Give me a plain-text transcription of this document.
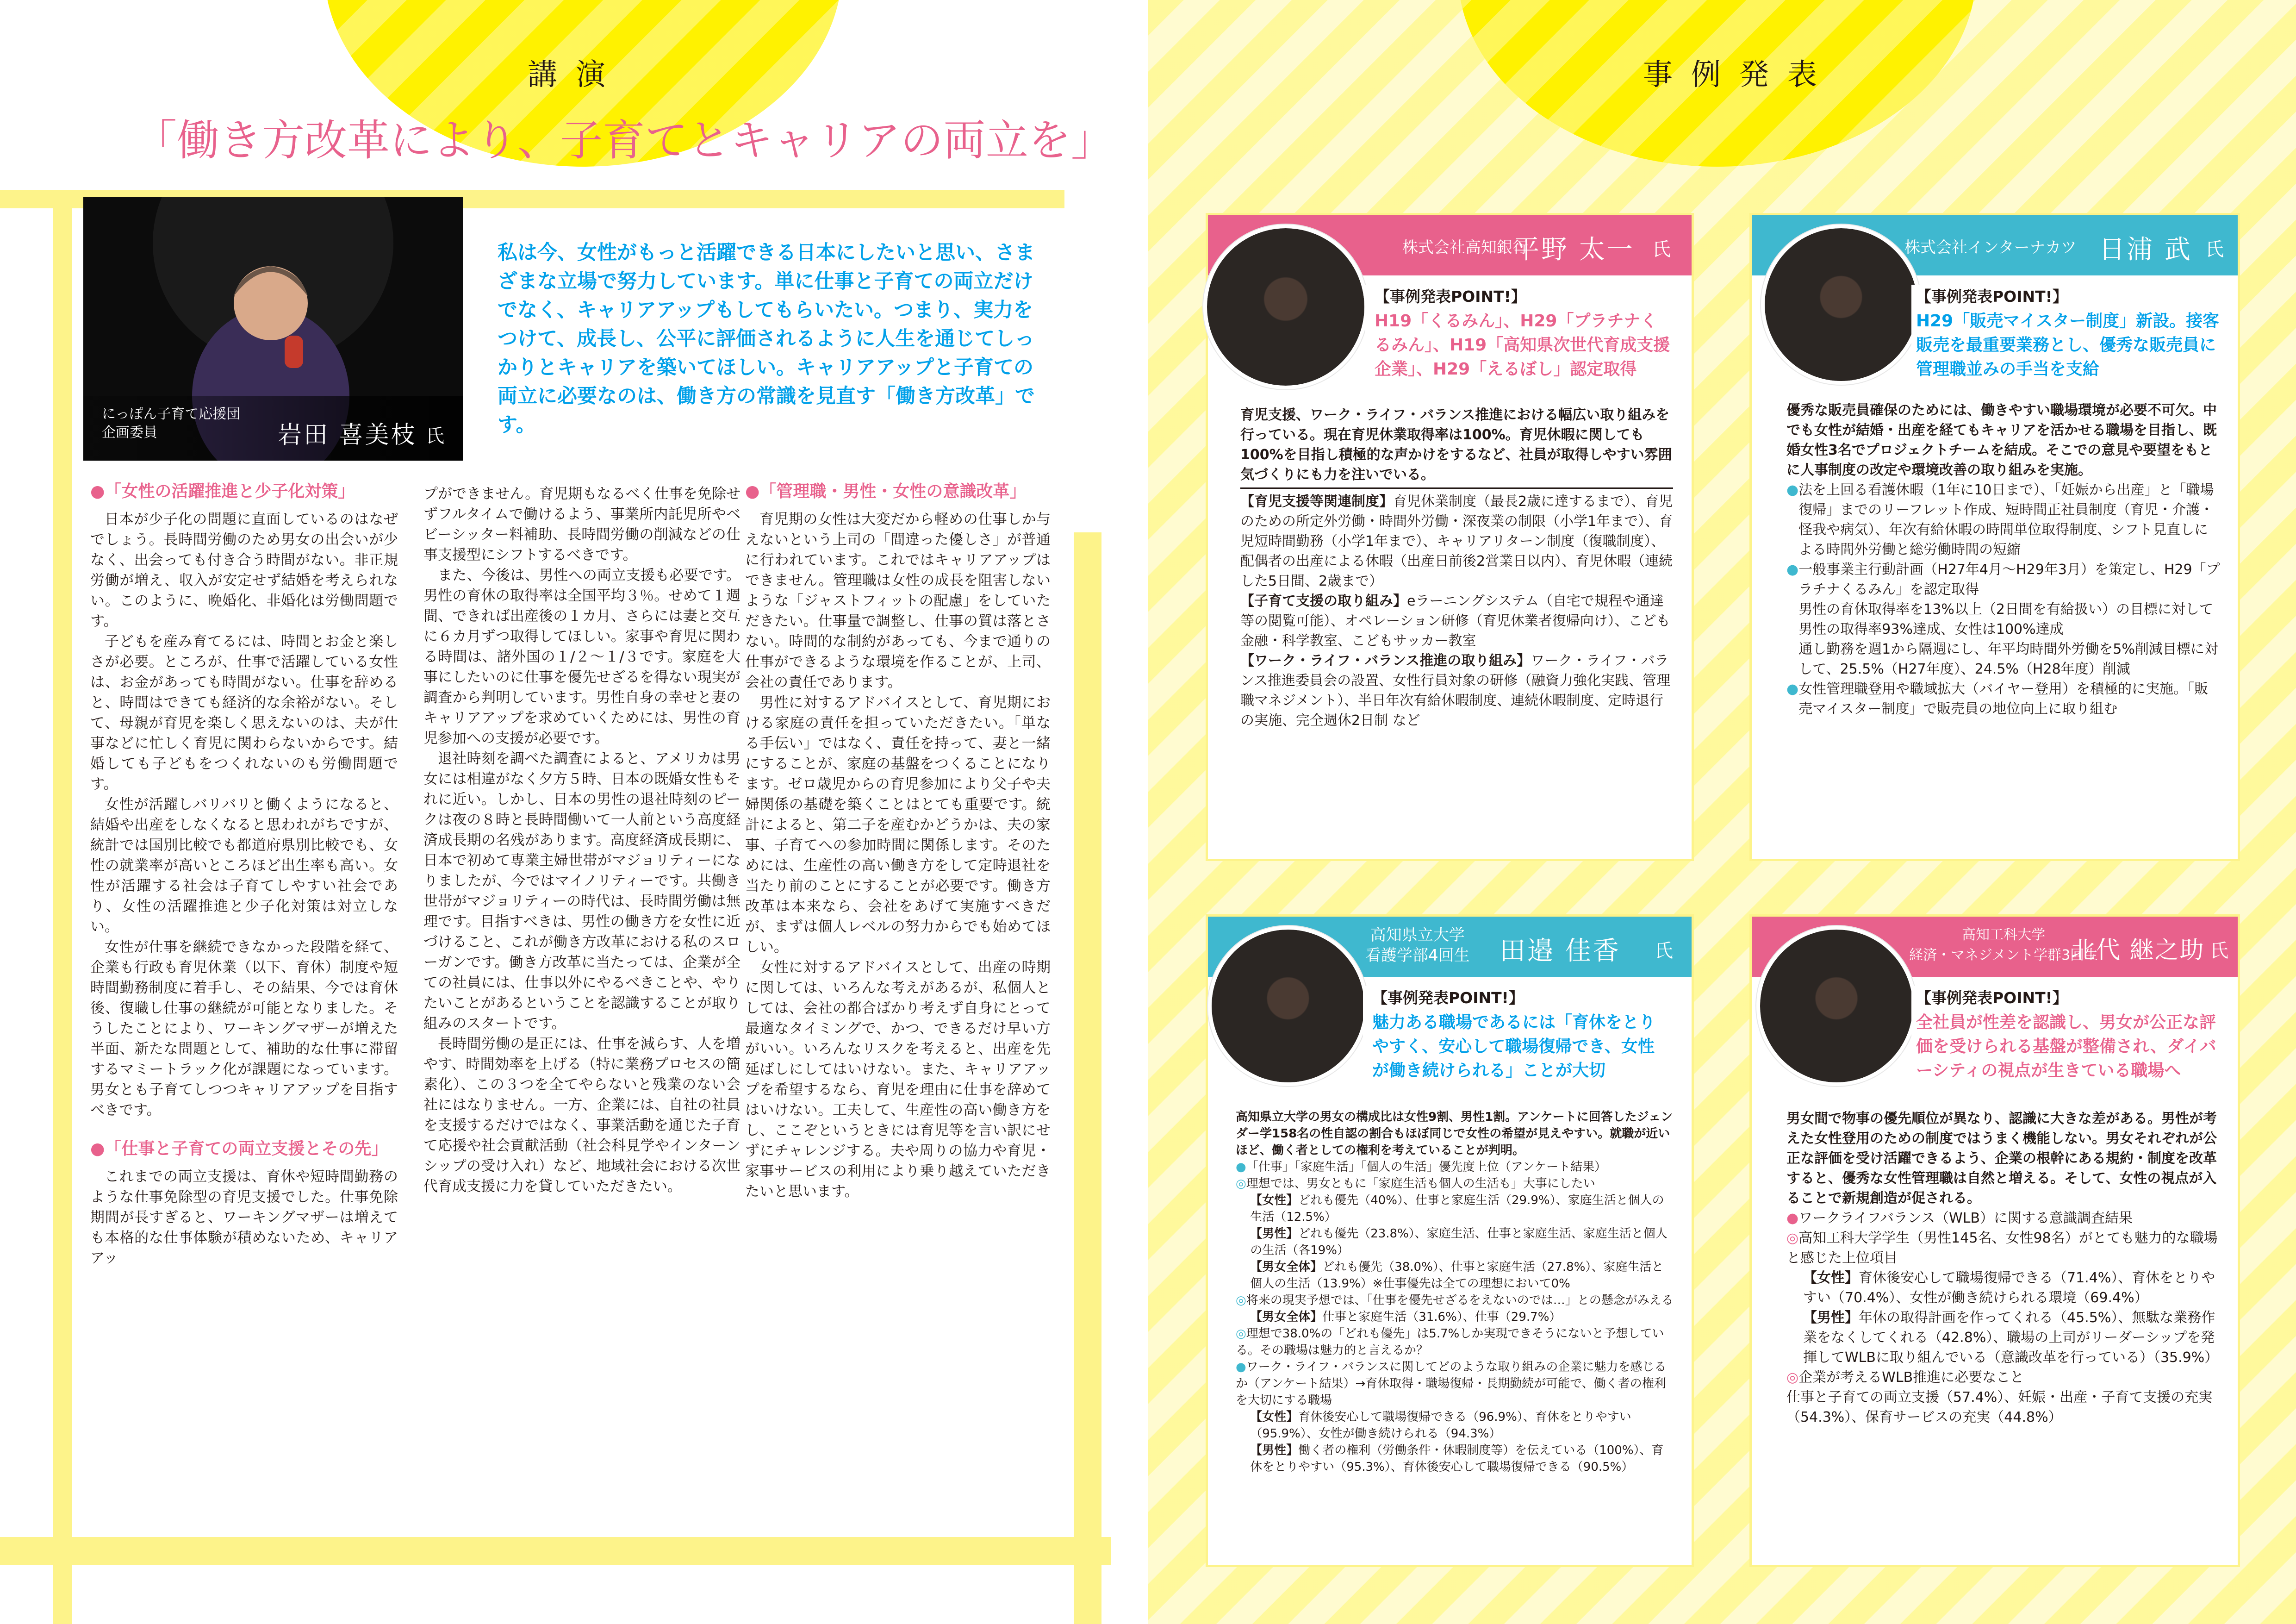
講演
「働き方改革により、子育てとキャリアの両立を」
にっぽん子育て応援団
企画委員	岩田 喜美枝 氏
私は今、女性がもっと活躍できる日本にしたいと思い、さまざまな立場で努力しています。単に仕事と子育ての両立だけでなく、キャリアアップもしてもらいたい。つまり、実力をつけて、成長し、公平に評価されるように人生を通じてしっかりとキャリアを築いてほしい。キャリアアップと子育ての両立に必要なのは、働き方の常識を見直す「働き方改革」です。
●「女性の活躍推進と少子化対策」

日本が少子化の問題に直面しているのはなぜでしょう。長時間労働のため男女の出会いが少なく、出会っても付き合う時間がない。非正規労働が増え、収入が安定せず結婚を考えられない。このように、晩婚化、非婚化は労働問題です。

子どもを産み育てるには、時間とお金と楽しさが必要。ところが、仕事で活躍している女性は、お金があっても時間がない。仕事を辞めると、時間はできても経済的な余裕がない。そして、母親が育児を楽しく思えないのは、夫が仕事などに忙しく育児に関わらないからです。結婚しても子どもをつくれないのも労働問題です。

女性が活躍しバリバリと働くようになると、結婚や出産をしなくなると思われがちですが、統計では国別比較でも都道府県別比較でも、女性の就業率が高いところほど出生率も高い。女性が活躍する社会は子育てしやすい社会であり、女性の活躍推進と少子化対策は対立しない。

女性が仕事を継続できなかった段階を経て、企業も行政も育児休業（以下、育休）制度や短時間勤務制度に着手し、その結果、今では育休後、復職し仕事の継続が可能となりました。そうしたことにより、ワーキングマザーが増えた半面、新たな問題として、補助的な仕事に滞留するマミートラック化が課題になっています。男女とも子育てしつつキャリアアップを目指すべきです。

●「仕事と子育ての両立支援とその先」

これまでの両立支援は、育休や短時間勤務のような仕事免除型の育児支援でした。仕事免除期間が長すぎると、ワーキングマザーは増えても本格的な仕事体験が積めないため、キャリアアッ

プができません。育児期もなるべく仕事を免除せずフルタイムで働けるよう、事業所内託児所やベビーシッター料補助、長時間労働の削減などの仕事支援型にシフトするべきです。

また、今後は、男性への両立支援も必要です。男性の育休の取得率は全国平均３％。せめて１週間、できれば出産後の１カ月、さらには妻と交互に６カ月ずつ取得してほしい。家事や育児に関わる時間は、諸外国の１/２～１/３です。家庭を大事にしたいのに仕事を優先せざるを得ない現実が調査から判明しています。男性自身の幸せと妻のキャリアアップを求めていくためには、男性の育児参加への支援が必要です。

退社時刻を調べた調査によると、アメリカは男女には相違がなく夕方５時、日本の既婚女性もそれに近い。しかし、日本の男性の退社時刻のピークは夜の８時と長時間働いて一人前という高度経済成長期の名残があります。高度経済成長期に、日本で初めて専業主婦世帯がマジョリティーになりましたが、今ではマイノリティーです。共働き世帯がマジョリティーの時代は、長時間労働は無理です。目指すべきは、男性の働き方を女性に近づけること、これが働き方改革における私のスローガンです。働き方改革に当たっては、企業が全ての社員には、仕事以外にやるべきことや、やりたいことがあるということを認識することが取り組みのスタートです。

長時間労働の是正には、仕事を減らす、人を増やす、時間効率を上げる（特に業務プロセスの簡素化）、この３つを全てやらないと残業のない会社にはなりません。一方、企業には、自社の社員を支援するだけではなく、事業活動を通じた子育て応援や社会貢献活動（社会科見学やインターンシップの受け入れ）など、地域社会における次世代育成支援に力を貸していただきたい。

●「管理職・男性・女性の意識改革」

育児期の女性は大変だから軽めの仕事しか与えないという上司の「間違った優しさ」が普通に行われています。これではキャリアアップはできません。管理職は女性の成長を阻害しないような「ジャストフィットの配慮」をしていただきたい。仕事量で調整し、仕事の質は落とさない。時間的な制約があっても、今まで通りの仕事ができるような環境を作ることが、上司、会社の責任であります。

男性に対するアドバイスとして、育児期における家庭の責任を担っていただきたい。「単なる手伝い」ではなく、責任を持って、妻と一緒にすることが、家庭の基盤をつくることになります。ゼロ歳児からの育児参加により父子や夫婦関係の基礎を築くことはとても重要です。統計によると、第二子を産むかどうかは、夫の家事、子育てへの参加時間に関係します。そのためには、生産性の高い働き方をして定時退社を当たり前のことにすることが必要です。働き方改革は本来なら、会社をあげて実施すべきだが、まずは個人レベルの努力からでも始めてほしい。

女性に対するアドバイスとして、出産の時期に関しては、いろんな考えがあるが、私個人としては、会社の都合ばかり考えず自身にとって最適なタイミングで、かつ、できるだけ早い方がいい。いろんなリスクを考えると、出産を先延ばしにしてはいけない。また、キャリアアップを希望するなら、育児を理由に仕事を辞めてはいけない。工夫して、生産性の高い働き方をし、ここぞというときには育児等を言い訳にせずにチャレンジする。夫や周りの協力や育児・家事サービスの利用により乗り越えていただきたいと思います。

事例発表
株式会社高知銀行
平野 太一 氏
【事例発表POINT!】
H19「くるみん」、H29「プラチナくるみん」、H19「高知県次世代育成支援企業」、H29「えるぼし」認定取得

育児支援、ワーク・ライフ・バランス推進における幅広い取り組みを行っている。現在育児休業取得率は100%。育児休暇に関しても100%を目指し積極的な声かけをするなど、社員が取得しやすい雰囲気づくりにも力を注いでいる。

【育児支援等関連制度】育児休業制度（最長2歳に達するまで）、育児のための所定外労働・時間外労働・深夜業の制限（小学1年まで）、育児短時間勤務（小学1年まで）、キャリアリターン制度（復職制度）、配偶者の出産による休暇（出産日前後2営業日以内）、育児休暇（連続した5日間、2歳まで）

【子育て支援の取り組み】eラーニングシステム（自宅で規程や通達等の閲覧可能）、オペレーション研修（育児休業者復帰向け）、こども金融・科学教室、こどもサッカー教室

【ワーク・ライフ・バランス推進の取り組み】ワーク・ライフ・バランス推進委員会の設置、女性行員対象の研修（融資力強化実践、管理職マネジメント）、半日年次有給休暇制度、連続休暇制度、定時退行の実施、完全週休2日制 など

株式会社インターナカツ 日浦 武 氏
【事例発表POINT!】
H29「販売マイスター制度」新設。接客販売を最重要業務とし、優秀な販売員に管理職並みの手当を支給

優秀な販売員確保のためには、働きやすい職場環境が必要不可欠。中でも女性が結婚・出産を経てもキャリアを活かせる職場を目指し、既婚女性3名でプロジェクトチームを結成。そこでの意見や要望をもとに人事制度の改定や環境改善の取り組みを実施。

● 法を上回る看護休暇（1年に10日まで）、「妊娠から出産」と「職場復帰」までのリーフレット作成、短時間正社員制度（育児・介護・怪我や病気）、年次有給休暇の時間単位取得制度、シフト見直しによる時間外労働と総労働時間の短縮
● 一般事業主行動計画（H27年4月～H29年3月）を策定し、H29「プラチナくるみん」を認定取得
男性の育休取得率を13%以上（2日間を有給扱い）の目標に対して男性の取得率93%達成、女性は100%達成
通し勤務を週1から隔週にし、年平均時間外労働を5%削減目標に対して、25.5%（H27年度）、24.5%（H28年度）削減
● 女性管理職登用や職域拡大（バイヤー登用）を積極的に実施。「販売マイスター制度」で販売員の地位向上に取り組む
高知県立大学
看護学部4回生 田邉 佳香 氏
【事例発表POINT!】
魅力ある職場であるには「育休をとりやすく、安心して職場復帰でき、女性が働き続けられる」ことが大切

高知県立大学の男女の構成比は女性9割、男性1割。アンケートに回答したジェンダー学158名の性自認の割合もほぼ同じで女性の希望が見えやすい。就職が近いほど、働く者としての権利を考えていることが判明。

●「仕事」「家庭生活」「個人の生活」優先度上位（アンケート結果）
◎理想では、男女ともに「家庭生活も個人の生活も」大事にしたい
【女性】どれも優先（40%）、仕事と家庭生活（29.9%）、家庭生活と個人の生活（12.5%）
【男性】どれも優先（23.8%）、家庭生活、仕事と家庭生活、家庭生活と個人の生活（各19%）
【男女全体】どれも優先（38.0%）、仕事と家庭生活（27.8%）、家庭生活と個人の生活（13.9%）※仕事優先は全ての理想において0%
◎将来の現実予想では、「仕事を優先せざるをえないのでは…」との懸念がみえる
【男女全体】仕事と家庭生活（31.6%）、仕事（29.7%）
◎理想で38.0%の「どれも優先」は5.7%しか実現できそうにないと予想している。その職場は魅力的と言えるか？
●ワーク・ライフ・バランスに関してどのような取り組みの企業に魅力を感じるか（アンケート結果）→育休取得・職場復帰・長期勤続が可能で、働く者の権利を大切にする職場
【女性】育休後安心して職場復帰できる（96.9%）、育休をとりやすい（95.9%）、女性が働き続けられる（94.3%）
【男性】働く者の権利（労働条件・休暇制度等）を伝えている（100%）、育休をとりやすい（95.3%）、育休後安心して職場復帰できる（90.5%）
高知工科大学
経済・マネジメント学群3回生
北代 継之助 氏
【事例発表POINT!】
全社員が性差を認識し、男女が公正な評価を受けられる基盤が整備され、ダイバーシティの視点が生きている職場へ

男女間で物事の優先順位が異なり、認識に大きな差がある。男性が考えた女性登用のための制度ではうまく機能しない。男女それぞれが公正な評価を受け活躍できるよう、企業の根幹にある規約・制度を改革すると、優秀な女性管理職は自然と増える。そして、女性の視点が入ることで新規創造が促される。

●ワークライフバランス（WLB）に関する意識調査結果
◎高知工科大学学生（男性145名、女性98名）がとても魅力的な職場と感じた上位項目
【女性】育休後安心して職場復帰できる（71.4%）、育休をとりやすい（70.4%）、女性が働き続けられる環境（69.4%）
【男性】年休の取得計画を作ってくれる（45.5%）、無駄な業務作業をなくしてくれる（42.8%）、職場の上司がリーダーシップを発揮してWLBに取り組んでいる（意識改革を行っている）（35.9%）
◎企業が考えるWLB推進に必要なこと
仕事と子育ての両立支援（57.4%）、妊娠・出産・子育て支援の充実（54.3%）、保育サービスの充実（44.8%）
